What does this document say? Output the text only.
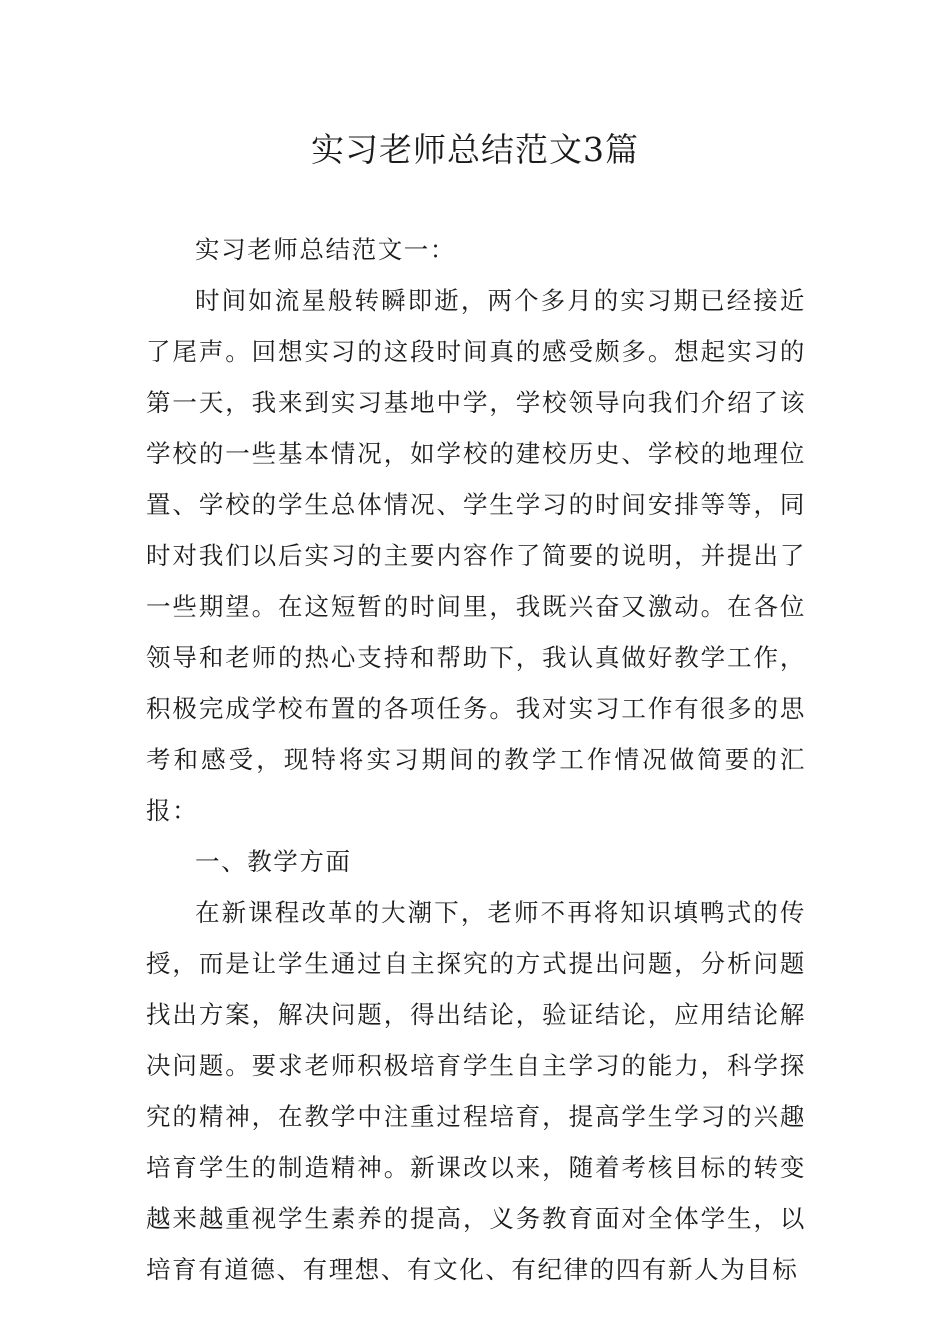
实习老师总结范文3篇

实习老师总结范文一：

时间如流星般转瞬即逝，两个多月的实习期已经接近了尾声。回想实习的这段时间真的感受颇多。想起实习的第一天，我来到实习基地中学，学校领导向我们介绍了该学校的一些基本情况，如学校的建校历史、学校的地理位置、学校的学生总体情况、学生学习的时间安排等等，同时对我们以后实习的主要内容作了简要的说明，并提出了一些期望。在这短暂的时间里，我既兴奋又激动。在各位领导和老师的热心支持和帮助下，我认真做好教学工作，积极完成学校布置的各项任务。我对实习工作有很多的思考和感受，现特将实习期间的教学工作情况做简要的汇报：

一、教学方面

在新课程改革的大潮下，老师不再将知识填鸭式的传授，而是让学生通过自主探究的方式提出问题，分析问题找出方案，解决问题，得出结论，验证结论，应用结论解决问题。要求老师积极培育学生自主学习的能力，科学探究的精神，在教学中注重过程培育，提高学生学习的兴趣培育学生的制造精神。新课改以来，随着考核目标的转变越来越重视学生素养的提高，义务教育面对全体学生，以培育有道德、有理想、有文化、有纪律的四有新人为目标
